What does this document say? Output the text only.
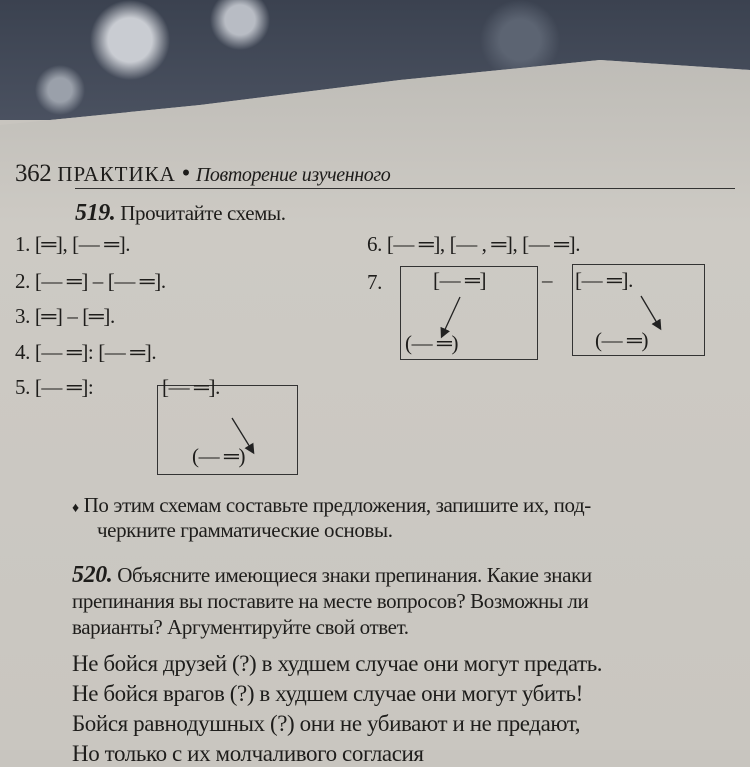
362 ПРАКТИКА • Повторение изученного
519. Прочитайте схемы.
1. [═], [— ═].
2. [— ═] – [— ═].
3. [═] – [═].
4. [— ═]: [— ═].
5. [— ═]:	[— ═].
(— ═)
6. [— ═], [— , ═], [— ═].
7. [— ═]	– [— ═].
(— ═)	(— ═)
♦ По этим схемам составьте предложения, запишите их, под-
черкните грамматические основы.
520. Объясните имеющиеся знаки препинания. Какие знаки
препинания вы поставите на месте вопросов? Возможны ли
варианты? Аргументируйте свой ответ.
Не бойся друзей (?) в худшем случае они могут предать.
Не бойся врагов (?) в худшем случае они могут убить!
Бойся равнодушных (?) они не убивают и не предают,
Но только с их молчаливого согласия
